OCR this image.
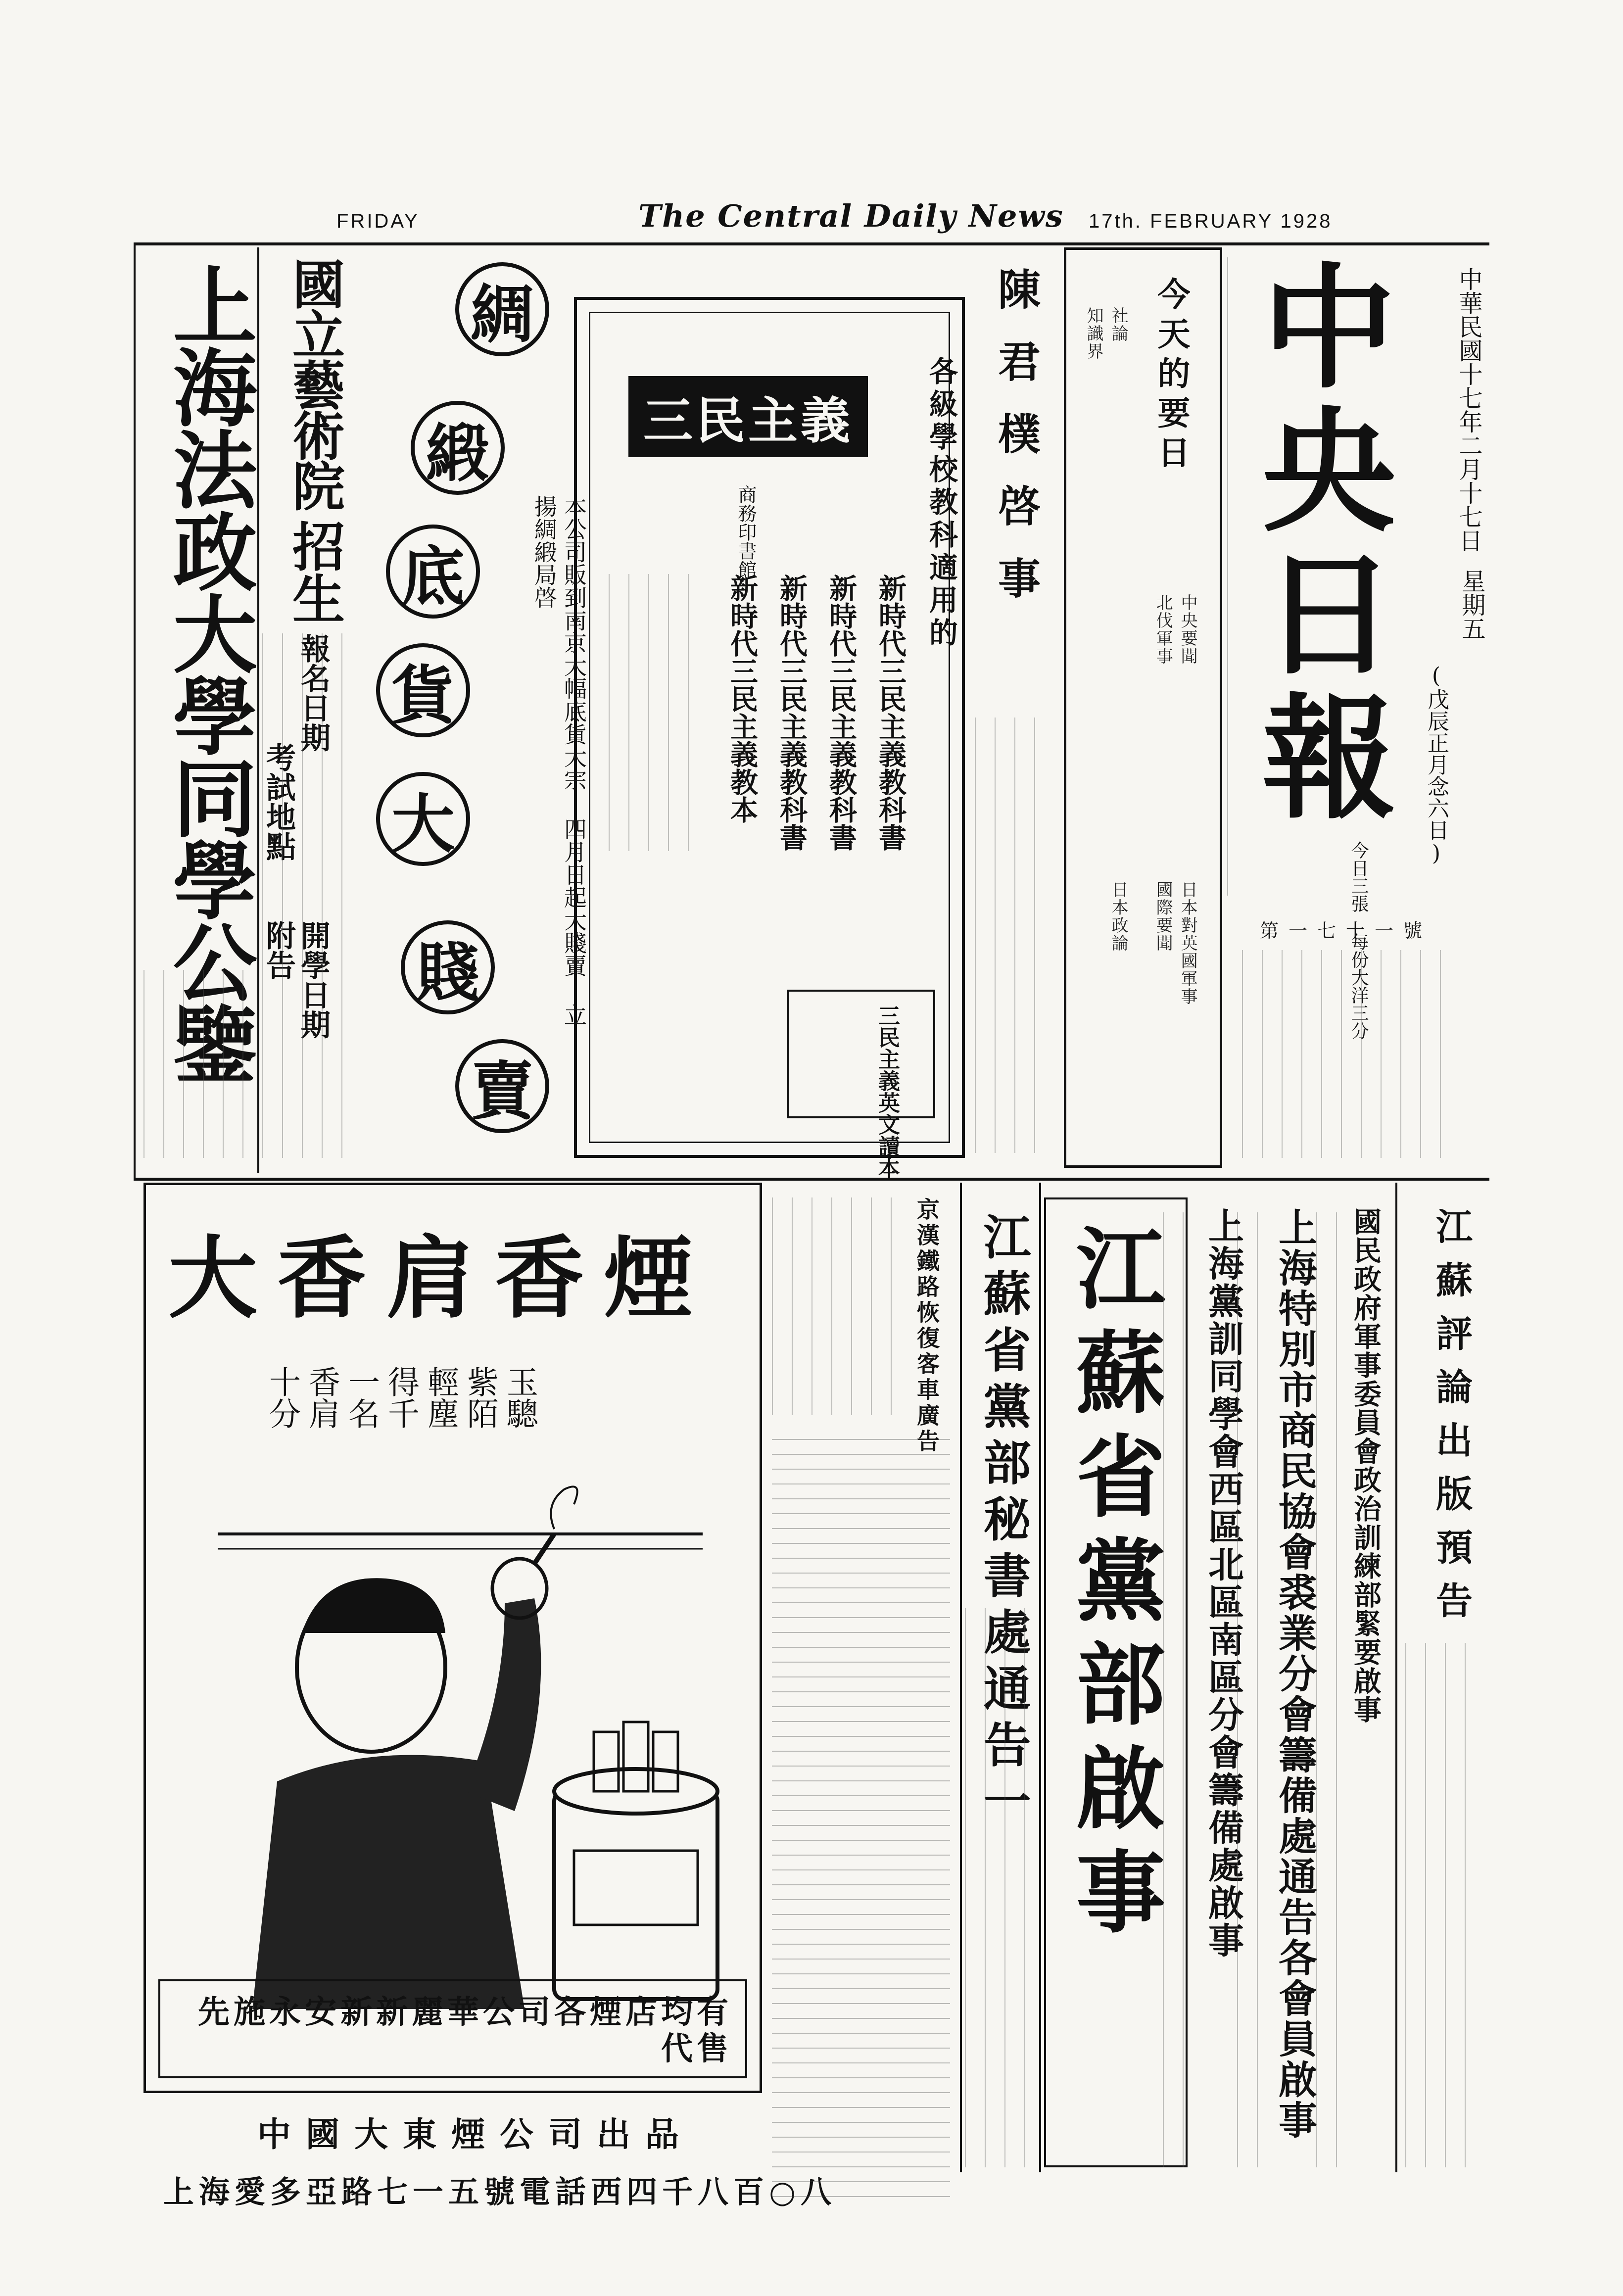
FRIDAY	The Central Daily News 17th. FEBRUARY 1928
中華民國十七年二月十七日
星期五
(戊辰正月念六日)
中央日報
今日三張 每份大洋三分
第一七十一號
今天的要日
社論
知識界
中央要聞
北伐軍事
日本對英國軍事
國際要聞
日本政論
陳君樸啓事
各級學校教科適用的
三民主義
商務印書館
新時代三民主義教科書
新時代三民主義教科書
新時代三民主義教科書
新時代三民主義教本
三民主義英文讀本
綢
緞
底
貨
大
賤
賣
本公司販到南京大幅底貨大宗 四月日起大賤賣 立揚綢緞局啓
國立藝術院
招生
報名日期
考試地點
開學日期
附告
上海法政大學同學公鑒
大香肩香煙
玉驄
紫陌
輕塵
得千
一名
香肩
十分
先施永安新新麗華公司各煙店均有代售
中國大東煙公司出品
上海愛多亞路七一五號電話西四千八百○八
京漢鐵路恢復客車廣告 江蘇省黨部秘書處通告一 江蘇省黨部啟事 上海黨訓同學會西區北區南區分會籌備處啟事 上海特別市商民協會裘業分會籌備處通告各會員啟事 國民政府軍事委員會政治訓練部緊要啟事 江蘇評論出版預告
